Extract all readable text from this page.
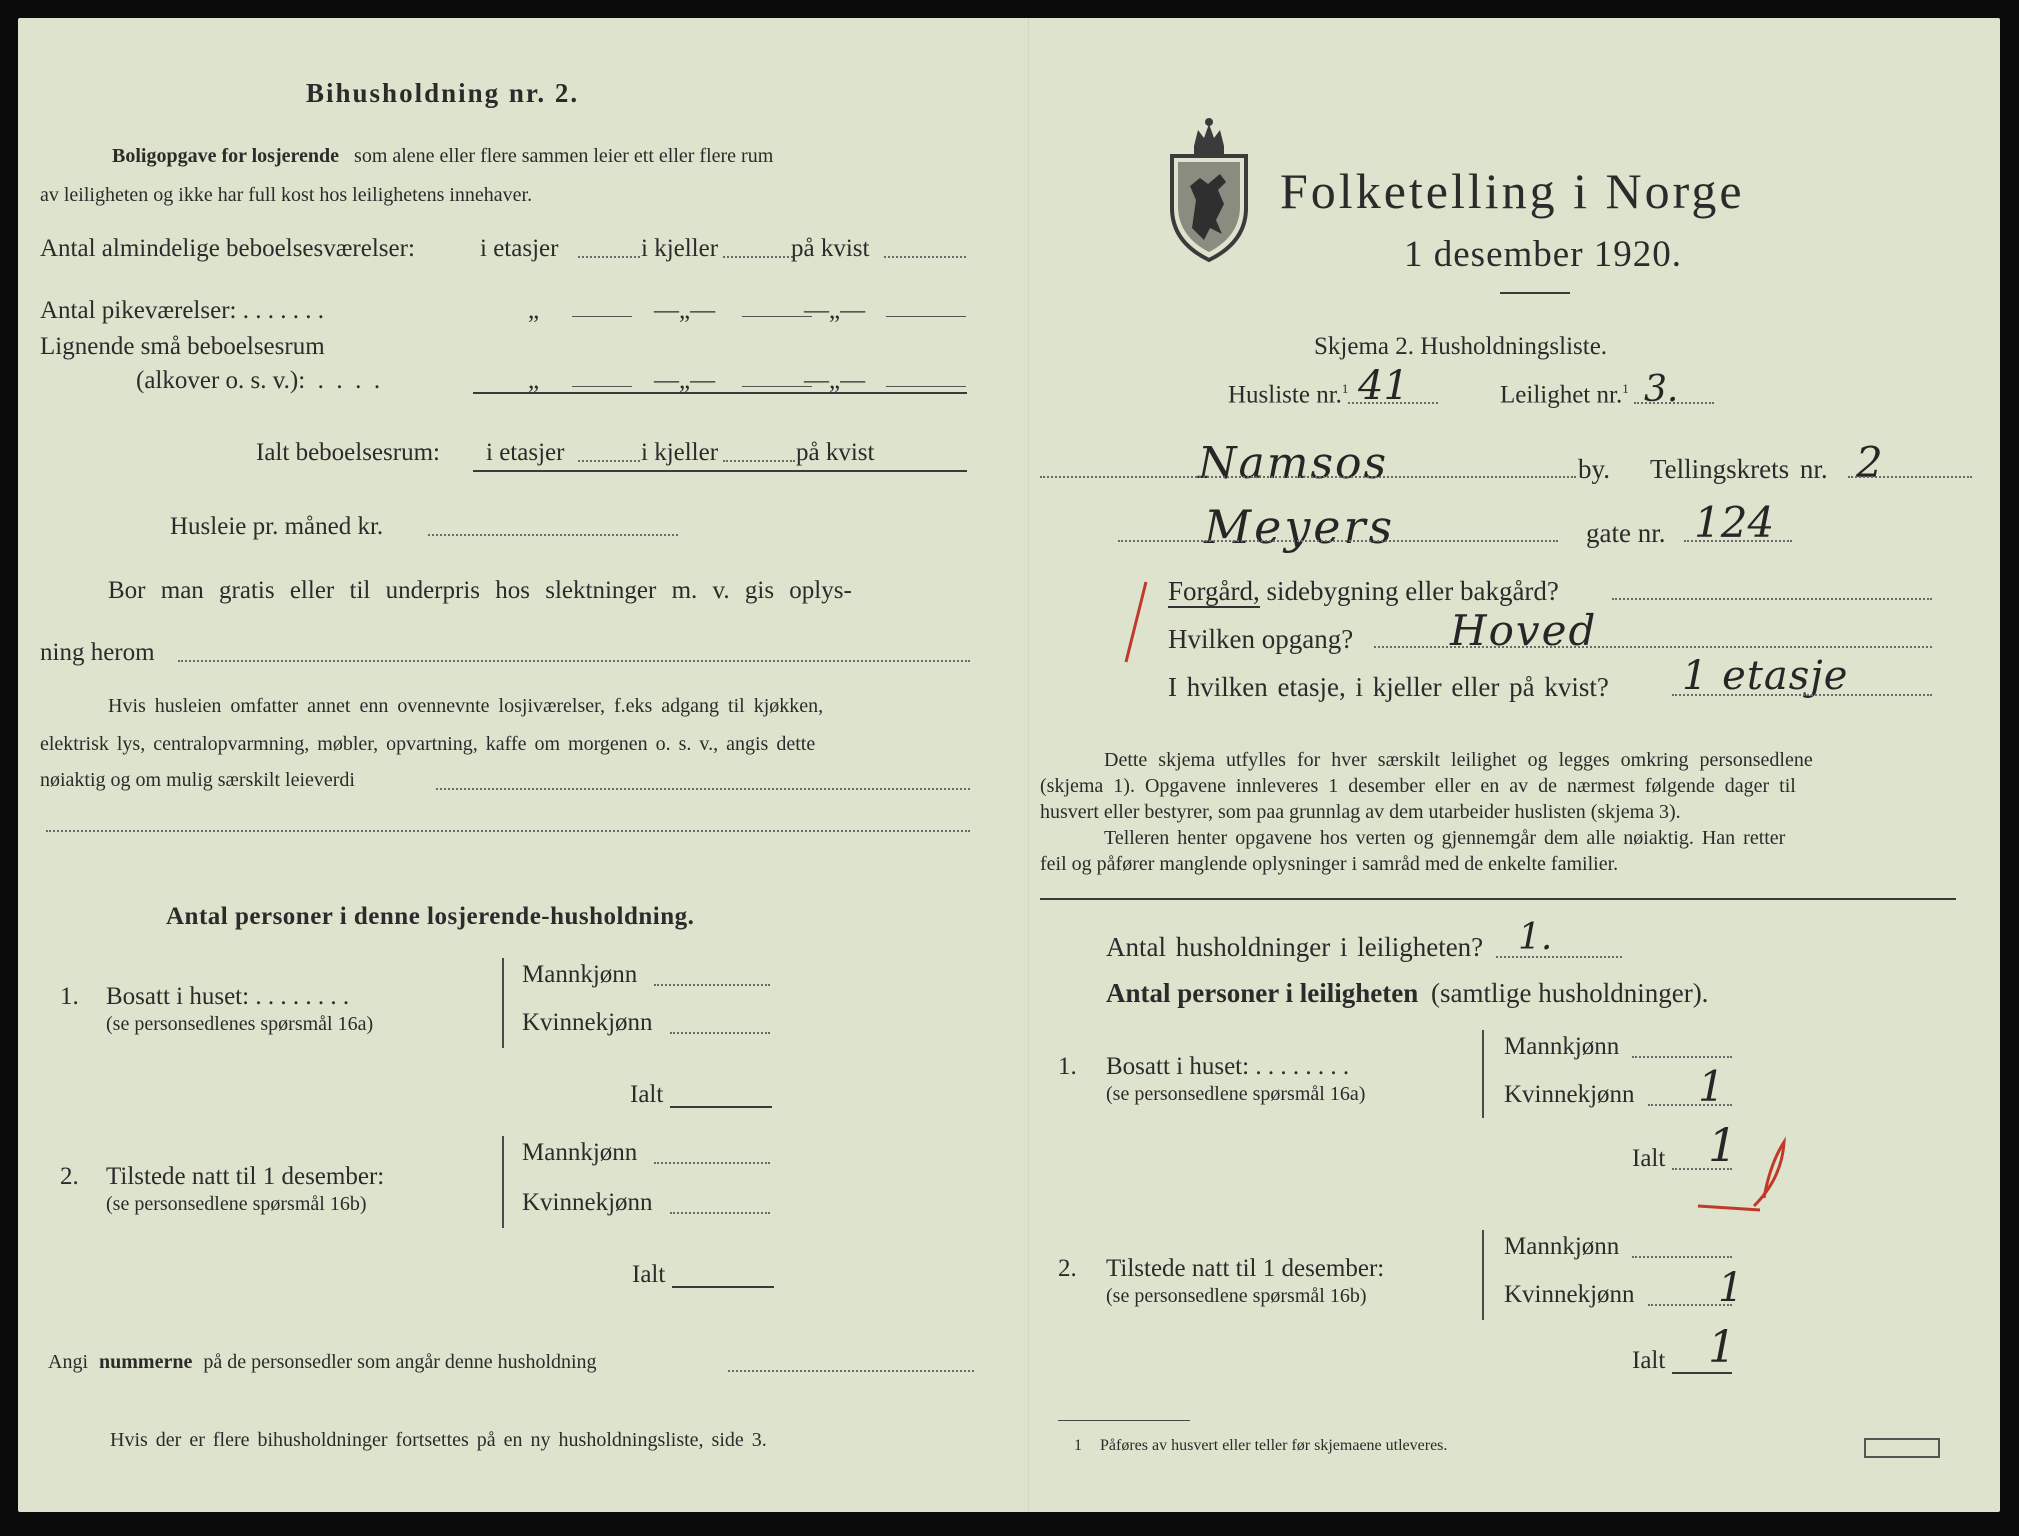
Bihusholdning nr. 2.
Boligopgave for losjerende som alene eller flere sammen leier ett eller flere rum
av leiligheten og ikke har full kost hos leilighetens innehaver.
Antal almindelige beboelsesværelser:	i etasjer	i kjeller	på kvist
Antal pikeværelser: . . . . . . .	„	—„—	—„—
Lignende små beboelsesrum
(alkover o. s. v.):  .  .  .  .	„	—„—	—„—
Ialt beboelsesrum: i etasjer	i kjeller	på kvist
Husleie pr. måned kr.
Bor man gratis eller til underpris hos slektninger m. v. gis oplys-
ning herom
Hvis husleien omfatter annet enn ovennevnte losjiværelser, f.eks adgang til kjøkken,
elektrisk lys, centralopvarmning, møbler, opvartning, kaffe om morgenen o. s. v., angis dette
nøiaktig og om mulig særskilt leieverdi
Antal personer i denne losjerende-husholdning.
1. Bosatt i huset: . . . . . . . .
(se personsedlenes spørsmål 16a)
Mannkjønn
Kvinnekjønn
Ialt
2. Tilstede natt til 1 desember:
(se personsedlene spørsmål 16b)
Mannkjønn
Kvinnekjønn
Ialt
Angi nummerne på de personsedler som angår denne husholdning
Hvis der er flere bihusholdninger fortsettes på en ny husholdningsliste, side 3.
Folketelling i Norge
1 desember 1920.
Skjema 2. Husholdningsliste.
Husliste nr.$^1$ 41	Leilighet nr.$^1$ 3.
Namsos	by. Tellingskrets nr. 2
Meyers	gate nr. 124
Forgård, sidebygning eller bakgård?
Hvilken opgang? Hoved
I hvilken etasje, i kjeller eller på kvist? 1 etasje
Dette skjema utfylles for hver særskilt leilighet og legges omkring personsedlene
(skjema 1). Opgavene innleveres 1 desember eller en av de nærmest følgende dager til
husvert eller bestyrer, som paa grunnlag av dem utarbeider huslisten (skjema 3).
Telleren henter opgavene hos verten og gjennemgår dem alle nøiaktig. Han retter
feil og påfører manglende oplysninger i samråd med de enkelte familier.
Antal husholdninger i leiligheten? 1.
Antal personer i leiligheten (samtlige husholdninger).
1. Bosatt i huset: . . . . . . . .
(se personsedlene spørsmål 16a)
Mannkjønn
Kvinnekjønn 1
Ialt 1
2. Tilstede natt til 1 desember:
(se personsedlene spørsmål 16b)
Mannkjønn
Kvinnekjønn 1
Ialt 1
1 Påføres av husvert eller teller før skjemaene utleveres.
